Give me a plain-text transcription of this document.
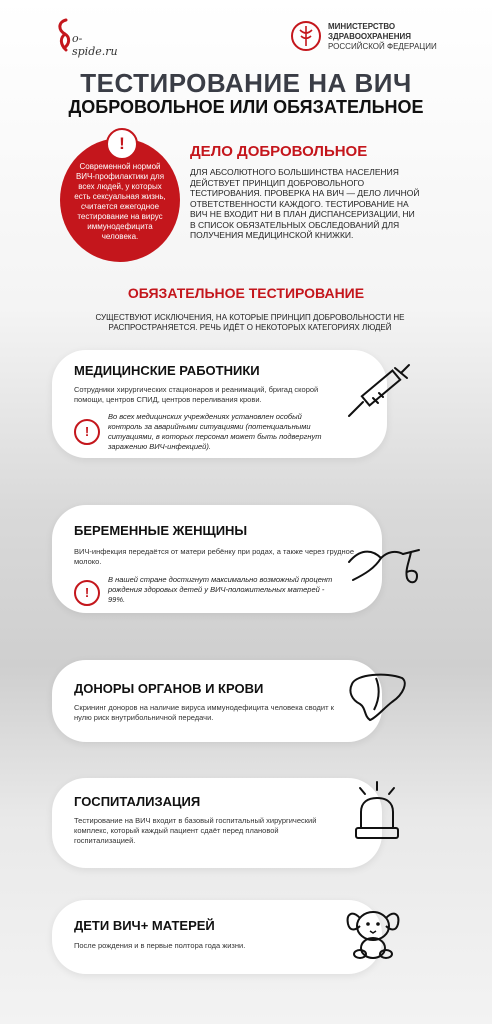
o-spide.ru
МИНИСТЕРСТВО
ЗДРАВООХРАНЕНИЯ
РОССИЙСКОЙ ФЕДЕРАЦИИ
ТЕСТИРОВАНИЕ НА ВИЧ
ДОБРОВОЛЬНОЕ ИЛИ ОБЯЗАТЕЛЬНОЕ
!
Современной нормой ВИЧ-профилактики для всех людей, у которых есть сексуальная жизнь, считается ежегодное тестирование на вирус иммунодефицита человека.
ДЕЛО ДОБРОВОЛЬНОЕ
ДЛЯ АБСОЛЮТНОГО БОЛЬШИНСТВА НАСЕЛЕНИЯ ДЕЙСТВУЕТ ПРИНЦИП ДОБРОВОЛЬНОГО ТЕСТИРОВАНИЯ. ПРОВЕРКА НА ВИЧ — ДЕЛО ЛИЧНОЙ ОТВЕТСТВЕННОСТИ КАЖДОГО. ТЕСТИРОВАНИЕ НА ВИЧ НЕ ВХОДИТ НИ В ПЛАН ДИСПАНСЕРИЗАЦИИ, НИ В СПИСОК ОБЯЗАТЕЛЬНЫХ ОБСЛЕДОВАНИЙ ДЛЯ ПОЛУЧЕНИЯ МЕДИЦИНСКОЙ КНИЖКИ.
ОБЯЗАТЕЛЬНОЕ ТЕСТИРОВАНИЕ
СУЩЕСТВУЮТ ИСКЛЮЧЕНИЯ, НА КОТОРЫЕ ПРИНЦИП ДОБРОВОЛЬНОСТИ НЕ РАСПРОСТРАНЯЕТСЯ. РЕЧЬ ИДЁТ О НЕКОТОРЫХ КАТЕГОРИЯХ ЛЮДЕЙ
МЕДИЦИНСКИЕ РАБОТНИКИ
Сотрудники хирургических стационаров и реанимаций, бригад скорой помощи, центров СПИД, центров переливания крови.
!
Во всех медицинских учреждениях установлен особый контроль за аварийными ситуациями (потенциальными ситуациями, в которых персонал может быть подвергнут заражению ВИЧ-инфекцией).
БЕРЕМЕННЫЕ ЖЕНЩИНЫ
ВИЧ-инфекция передаётся от матери ребёнку при родах, а также через грудное молоко.
!
В нашей стране достигнут максимально возможный процент рождения здоровых детей у ВИЧ-положительных матерей - 99%.
ДОНОРЫ ОРГАНОВ И КРОВИ
Скрининг доноров на наличие вируса иммунодефицита человека сводит к нулю риск внутрибольничной передачи.
ГОСПИТАЛИЗАЦИЯ
Тестирование на ВИЧ входит в базовый госпитальный хирургический комплекс, который каждый пациент сдаёт перед плановой госпитализацией.
ДЕТИ ВИЧ+ МАТЕРЕЙ
После рождения и в первые полтора года жизни.
